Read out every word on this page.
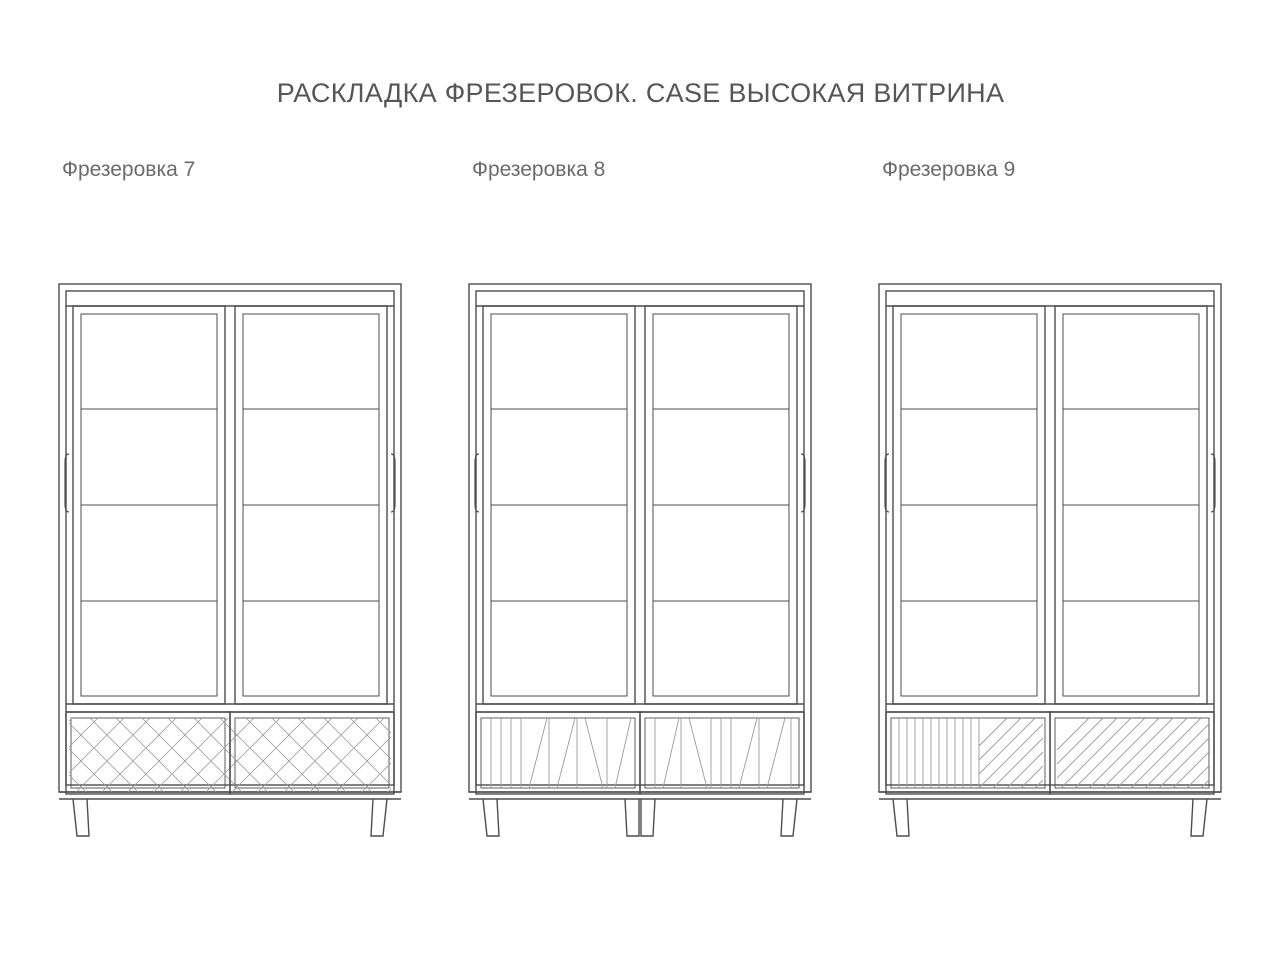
РАСКЛАДКА ФРЕЗЕРОВОК. CASE ВЫСОКАЯ ВИТРИНА
Фрезеровка 7	Фрезеровка 8	Фрезеровка 9
